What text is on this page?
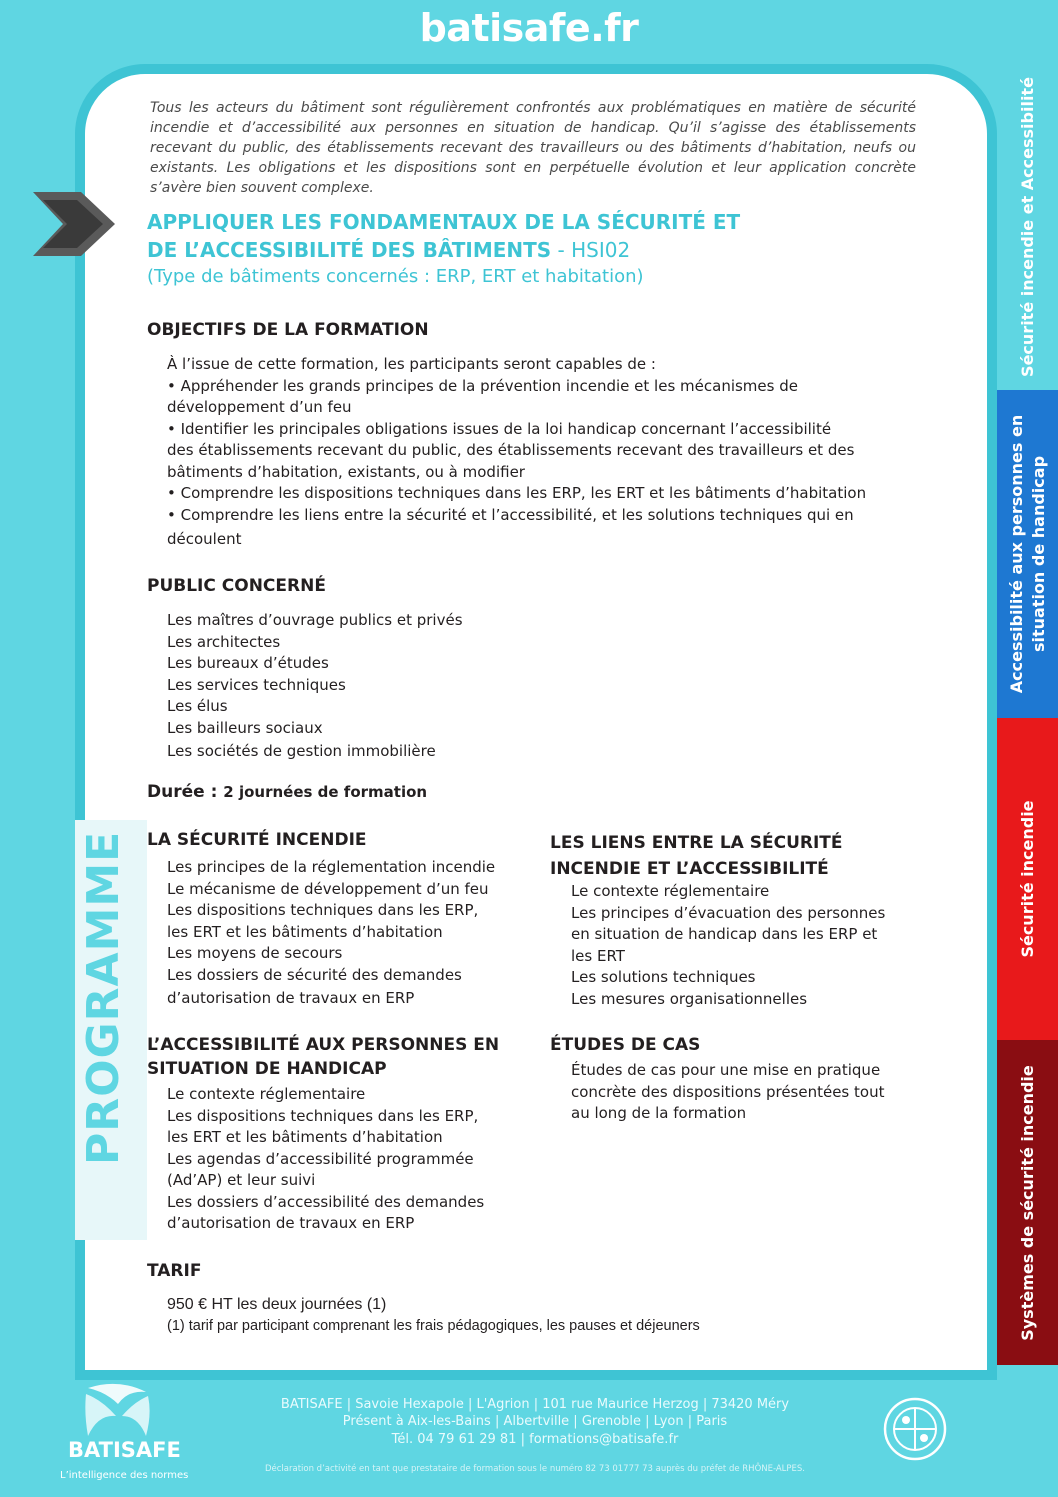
batisafe.fr
Tous les acteurs du bâtiment sont régulièrement confrontés aux problématiques en matière de sécurité incendie et d’accessibilité aux personnes en situation de handicap. Qu’il s’agisse des établissements recevant du public, des établissements recevant des travailleurs ou des bâtiments d’habitation, neufs ou existants. Les obligations et les dispositions sont en perpétuelle évolution et leur application concrète s’avère bien souvent complexe.
APPLIQUER LES FONDAMENTAUX DE LA SÉCURITÉ ET
DE L’ACCESSIBILITÉ DES BÂTIMENTS - HSI02
(Type de bâtiments concernés : ERP, ERT et habitation)
OBJECTIFS DE LA FORMATION
À l’issue de cette formation, les participants seront capables de :
• Appréhender les grands principes de la prévention incendie et les mécanismes de
développement d’un feu
• Identifier les principales obligations issues de la loi handicap concernant l’accessibilité
des établissements recevant du public, des établissements recevant des travailleurs et des
bâtiments d’habitation, existants, ou à modifier
• Comprendre les dispositions techniques dans les ERP, les ERT et les bâtiments d’habitation
• Comprendre les liens entre la sécurité et l’accessibilité, et les solutions techniques qui en
découlent
PUBLIC CONCERNÉ
Les maîtres d’ouvrage publics et privés
Les architectes
Les bureaux d’études
Les services techniques
Les élus
Les bailleurs sociaux
Les sociétés de gestion immobilière
Durée : 2 journées de formation
PROGRAMME LA SÉCURITÉ INCENDIE
Les principes de la réglementation incendie
Le mécanisme de développement d’un feu
Les dispositions techniques dans les ERP,
les ERT et les bâtiments d’habitation
Les moyens de secours
Les dossiers de sécurité des demandes
d’autorisation de travaux en ERP
L’ACCESSIBILITÉ AUX PERSONNES EN
SITUATION DE HANDICAP
Le contexte réglementaire
Les dispositions techniques dans les ERP,
les ERT et les bâtiments d’habitation
Les agendas d’accessibilité programmée
(Ad’AP) et leur suivi
Les dossiers d’accessibilité des demandes
d’autorisation de travaux en ERP
LES LIENS ENTRE LA SÉCURITÉ
INCENDIE ET L’ACCESSIBILITÉ
Le contexte réglementaire
Les principes d’évacuation des personnes
en situation de handicap dans les ERP et
les ERT
Les solutions techniques
Les mesures organisationnelles
ÉTUDES DE CAS
Études de cas pour une mise en pratique
concrète des dispositions présentées tout
au long de la formation
TARIF
950 € HT les deux journées (1)
(1) tarif par participant comprenant les frais pédagogiques, les pauses et déjeuners
Sécurité incendie et Accessibilité
Accessibilité aux personnes en
situation de handicap
Sécurité incendie
Systèmes de sécurité incendie
BATISAFE
L’intelligence des normes
BATISAFE | Savoie Hexapole | L'Agrion | 101 rue Maurice Herzog | 73420 Méry
Présent à Aix-les-Bains | Albertville | Grenoble | Lyon | Paris
Tél. 04 79 61 29 81 | formations@batisafe.fr
Déclaration d’activité en tant que prestataire de formation sous le numéro 82 73 01777 73 auprès du préfet de RHÔNE-ALPES.
